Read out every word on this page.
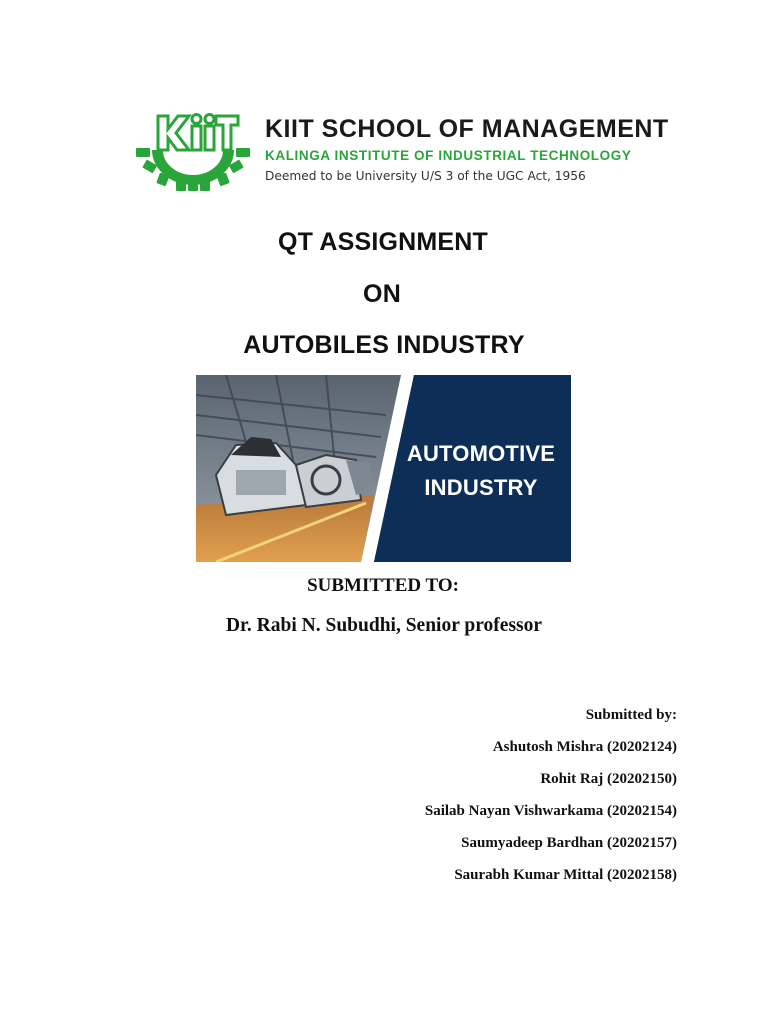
KIIT SCHOOL OF MANAGEMENT
KALINGA INSTITUTE OF INDUSTRIAL TECHNOLOGY
Deemed to be University U/S 3 of the UGC Act, 1956
QT ASSIGNMENT
ON
AUTOBILES INDUSTRY
AUTOMOTIVE
INDUSTRY
SUBMITTED TO:
Dr. Rabi N. Subudhi, Senior professor
Submitted by:
Ashutosh Mishra (20202124)
Rohit Raj (20202150)
Sailab Nayan Vishwarkama (20202154)
Saumyadeep Bardhan (20202157)
Saurabh Kumar Mittal (20202158)
